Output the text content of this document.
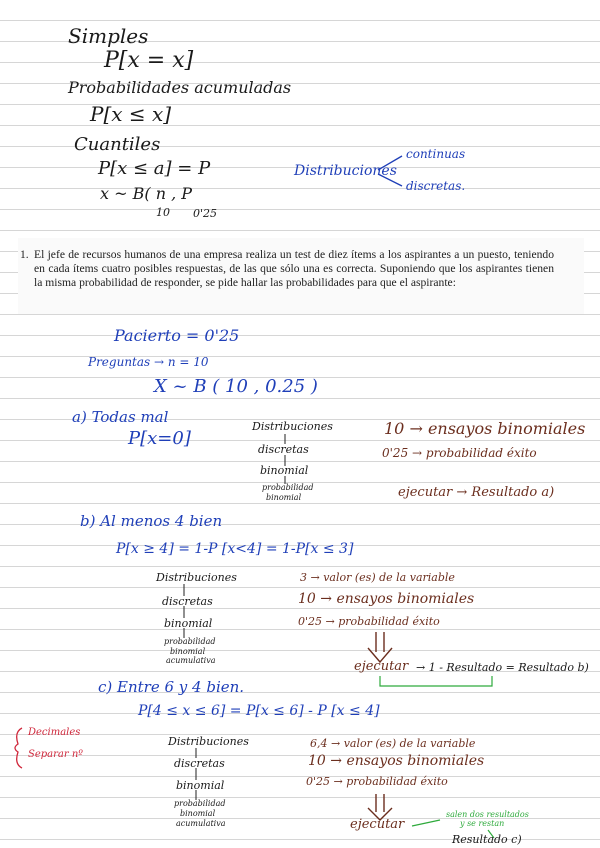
Simples
P[x = x]
Probabilidades acumuladas
P[x ≤ x]
Cuantiles
P[x ≤ a] = P
x ~ B( n , P
10 0'25
Distribuciones
continuas
discretas.
1. El jefe de recursos humanos de una empresa realiza un test de diez ítems a los aspirantes a un puesto, teniendo en cada ítems cuatro posibles respuestas, de las que sólo una es correcta. Suponiendo que los aspirantes tienen la misma probabilidad de responder, se pide hallar las probabilidades para que el aspirante:

Pacierto = 0'25
Preguntas → n = 10
X ~ B ( 10 , 0.25 )
a) Todas mal
P[x=0]
Distribuciones
discretas
binomial
probabilidad
binomial
10 → ensayos binomiales
0'25 → probabilidad éxito
ejecutar → Resultado a)
b) Al menos 4 bien
P[x ≥ 4] = 1-P [x<4] = 1-P[x ≤ 3]
Distribuciones
discretas
binomial
probabilidad
binomial
acumulativa
3 → valor (es) de la variable
10 → ensayos binomiales
0'25 → probabilidad éxito
ejecutar → 1 - Resultado = Resultado b)
c) Entre 6 y 4 bien.
P[4 ≤ x ≤ 6] = P[x ≤ 6] - P [x ≤ 4]
Distribuciones
discretas
binomial
probabilidad
binomial
acumulativa
6,4 → valor (es) de la variable
10 → ensayos binomiales
0'25 → probabilidad éxito
ejecutar
salen dos resultados
y se restan
Resultado c)
Decimales
Separar nº
